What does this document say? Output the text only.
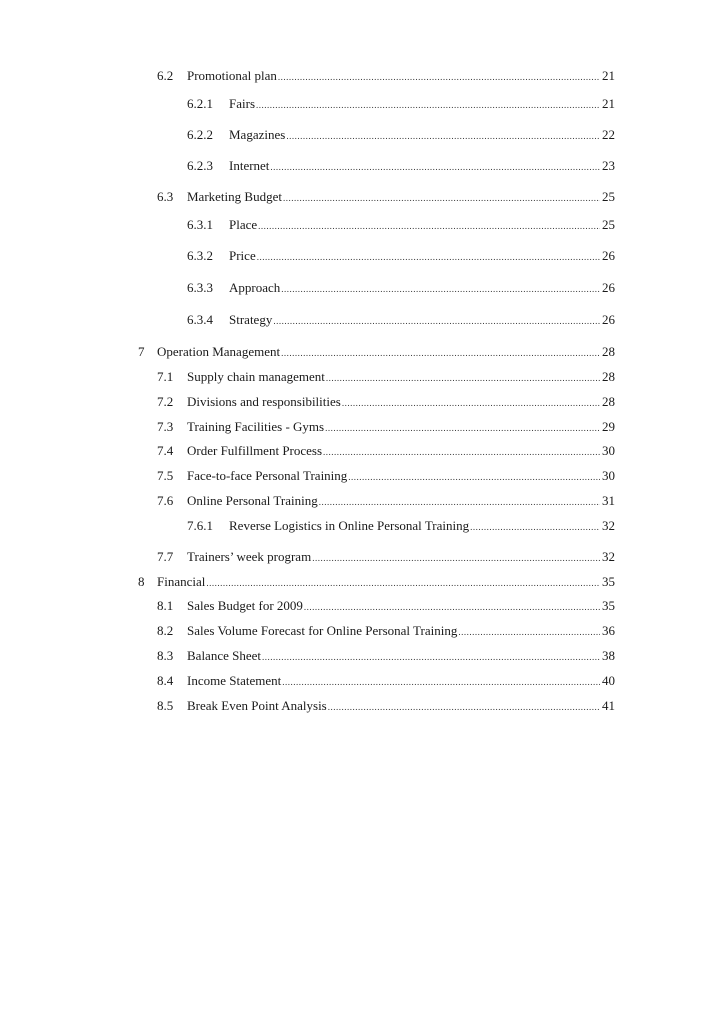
6.2	Promotional plan .....	21
6.2.1	Fairs .....	21
6.2.2	Magazines .....	22
6.2.3	Internet .....	23
6.3	Marketing Budget .....	25
6.3.1	Place .....	25
6.3.2	Price .....	26
6.3.3	Approach .....	26
6.3.4	Strategy .....	26
7 Operation Management .....	28
7.1	Supply chain management .....	28
7.2	Divisions and responsibilities .....	28
7.3	Training Facilities - Gyms .....	29
7.4	Order Fulfillment Process .....	30
7.5	Face-to-face Personal Training .....	30
7.6	Online Personal Training .....	31
7.6.1	Reverse Logistics in Online Personal Training .....	32
7.7	Trainers’ week program .....	32
8 Financial .....	35
8.1	Sales Budget for 2009 .....	35
8.2	Sales Volume Forecast for Online Personal Training .....	36
8.3	Balance Sheet .....	38
8.4	Income Statement .....	40
8.5	Break Even Point Analysis .....	41
